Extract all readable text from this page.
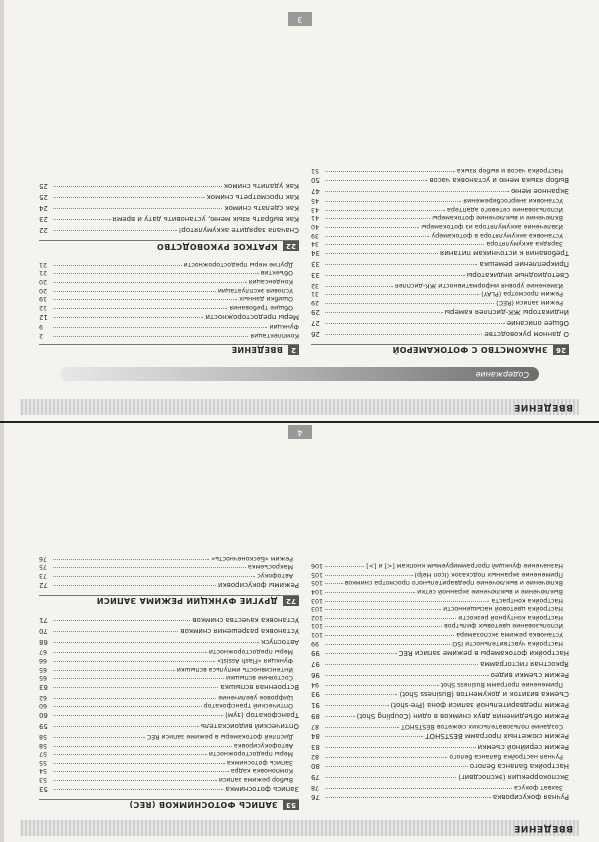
ВВЕДЕНИЕ
Содержание
2
ВВЕДЕНИЕ
Комплектация
2
Функции
9
Меры предосторожности
12
Общие требования
12
Ошибки данных
19
Условия эксплуатации
20
Конденсация
20
Объектив
21
Другие меры предосторожности
21
22
КРАТКОЕ РУКОВОДСТВО
Сначала зарядите аккумулятор!
22
Как выбрать язык меню, установить дату и время
23
Как сделать снимок
24
Как просмотреть снимок
25
Как удалить снимок
25
26
ЗНАКОМСТВО С ФОТОКАМЕРОЙ
О данном руководстве
26
Общее описание
27
Индикаторы ЖК-дисплея камеры
29
Режим записи (REC)
29
Режим просмотра (PLAY)
31
Изменение уровня информативности ЖК-дисплея
32
Светодиодные индикаторы
33
Прикрепление ремешка
33
Требования к источникам питания
34
Зарядка аккумулятора
34
Установка аккумулятора в фотокамеру
39
Извлечение аккумулятора из фотокамеры
40
Включение и выключение фотокамеры
41
Использование сетевого адаптера
43
Установки энергосбережения
45
Экранное меню
47
Выбор языка меню и установка часов
50
Настройка часов и выбор языка
51
3
ВВЕДЕНИЕ
53
ЗАПИСЬ ФОТОСНИМКОВ (REC)
Запись фотоснимка
53
Выбор режима записи
53
Компоновка кадра
54
Запись фотоснимка
55
Меры предосторожности
57
Автофокусировка
58
Дисплей фотокамеры в режиме записи REC
58
Оптический видоискатель
59
Трансфокатор (зум)
60
Оптический трансфокатор
60
Цифровое увеличение
62
Встроенная вспышка
63
Состояние вспышки
65
Интенсивность импульса вспышки
65
Функция «Flash Assist»
66
Меры предосторожности
67
Автоспуск
68
Установка разрешения снимков
70
Установка качества снимков
71
72
ДРУГИЕ ФУНКЦИИ РЕЖИМА ЗАПИСИ
Режимы фокусировки
72
Автофокус
73
Макросъемка
75
Режим «Бесконечность»
76
Ручная фокусировка
76
Захват фокуса
78
Экспокоррекция (экспосдвиг)
79
Настройка баланса белого
80
Ручная настройка баланса белого
82
Режим серийной съемки
83
Режим сюжетных программ BESTSHOT
84
Создание пользовательских сюжетов BESTSHOT
87
Режим объединения двух снимков в один (Coupling Shot)
89
Режим предварительной записи фона (Pre-shot)
91
Съемка визиток и документов (Business Shot)
93
Применение программ Business Shot
94
Режим съемки видео
96
Яркостная гистограмма
97
Настройки фотокамеры в режиме записи REC
99
Настройка чувствительности ISO
99
Установка режима экспозамера
101
Использование цветовых фильтров
101
Настройка контурной резкости
102
Настройка цветовой насыщенности
103
Настройка контраста
103
Выключение и выключение экранной сетки
104
Включение и выключение предварительного просмотра снимков
105
Применение экранных подсказок (Icon Help)
105
Назначение функций программируемым кнопкам [<] и [>]
106
4
